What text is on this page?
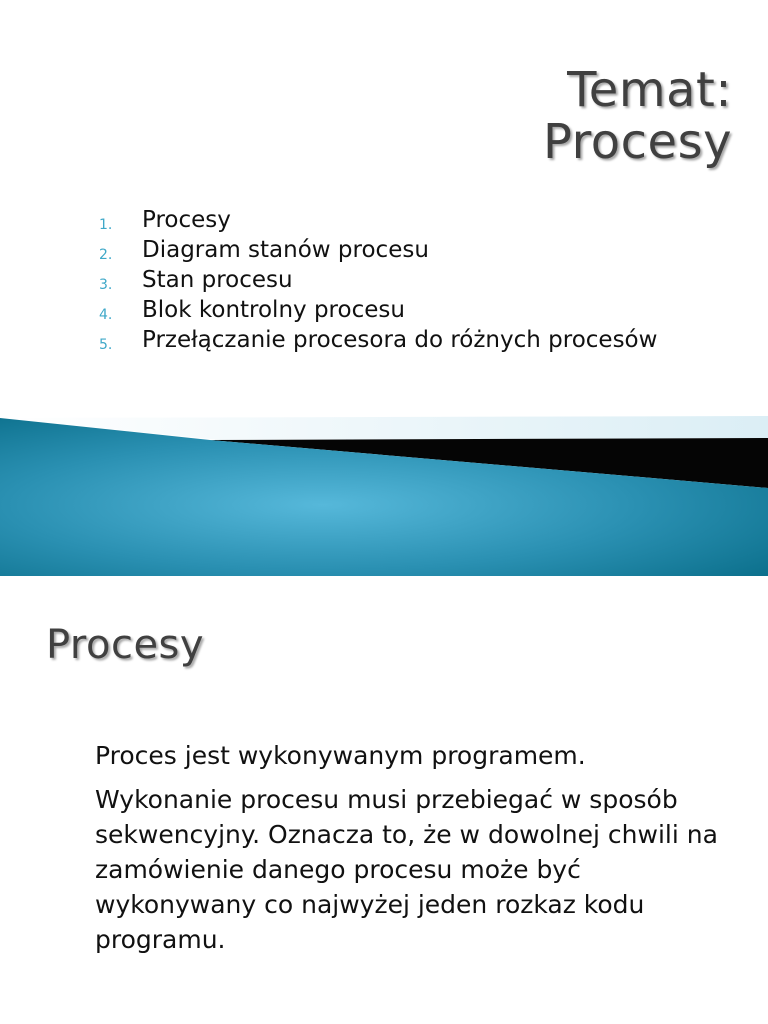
Temat:
Procesy
1. Procesy
2. Diagram stanów procesu
3. Stan procesu
4. Blok kontrolny procesu
5. Przełączanie procesora do różnych procesów
Procesy

Proces jest wykonywanym programem.

Wykonanie procesu musi przebiegać w sposób sekwencyjny. Oznacza to, że w dowolnej chwili na zamówienie danego procesu może być wykonywany co najwyżej jeden rozkaz kodu programu.
